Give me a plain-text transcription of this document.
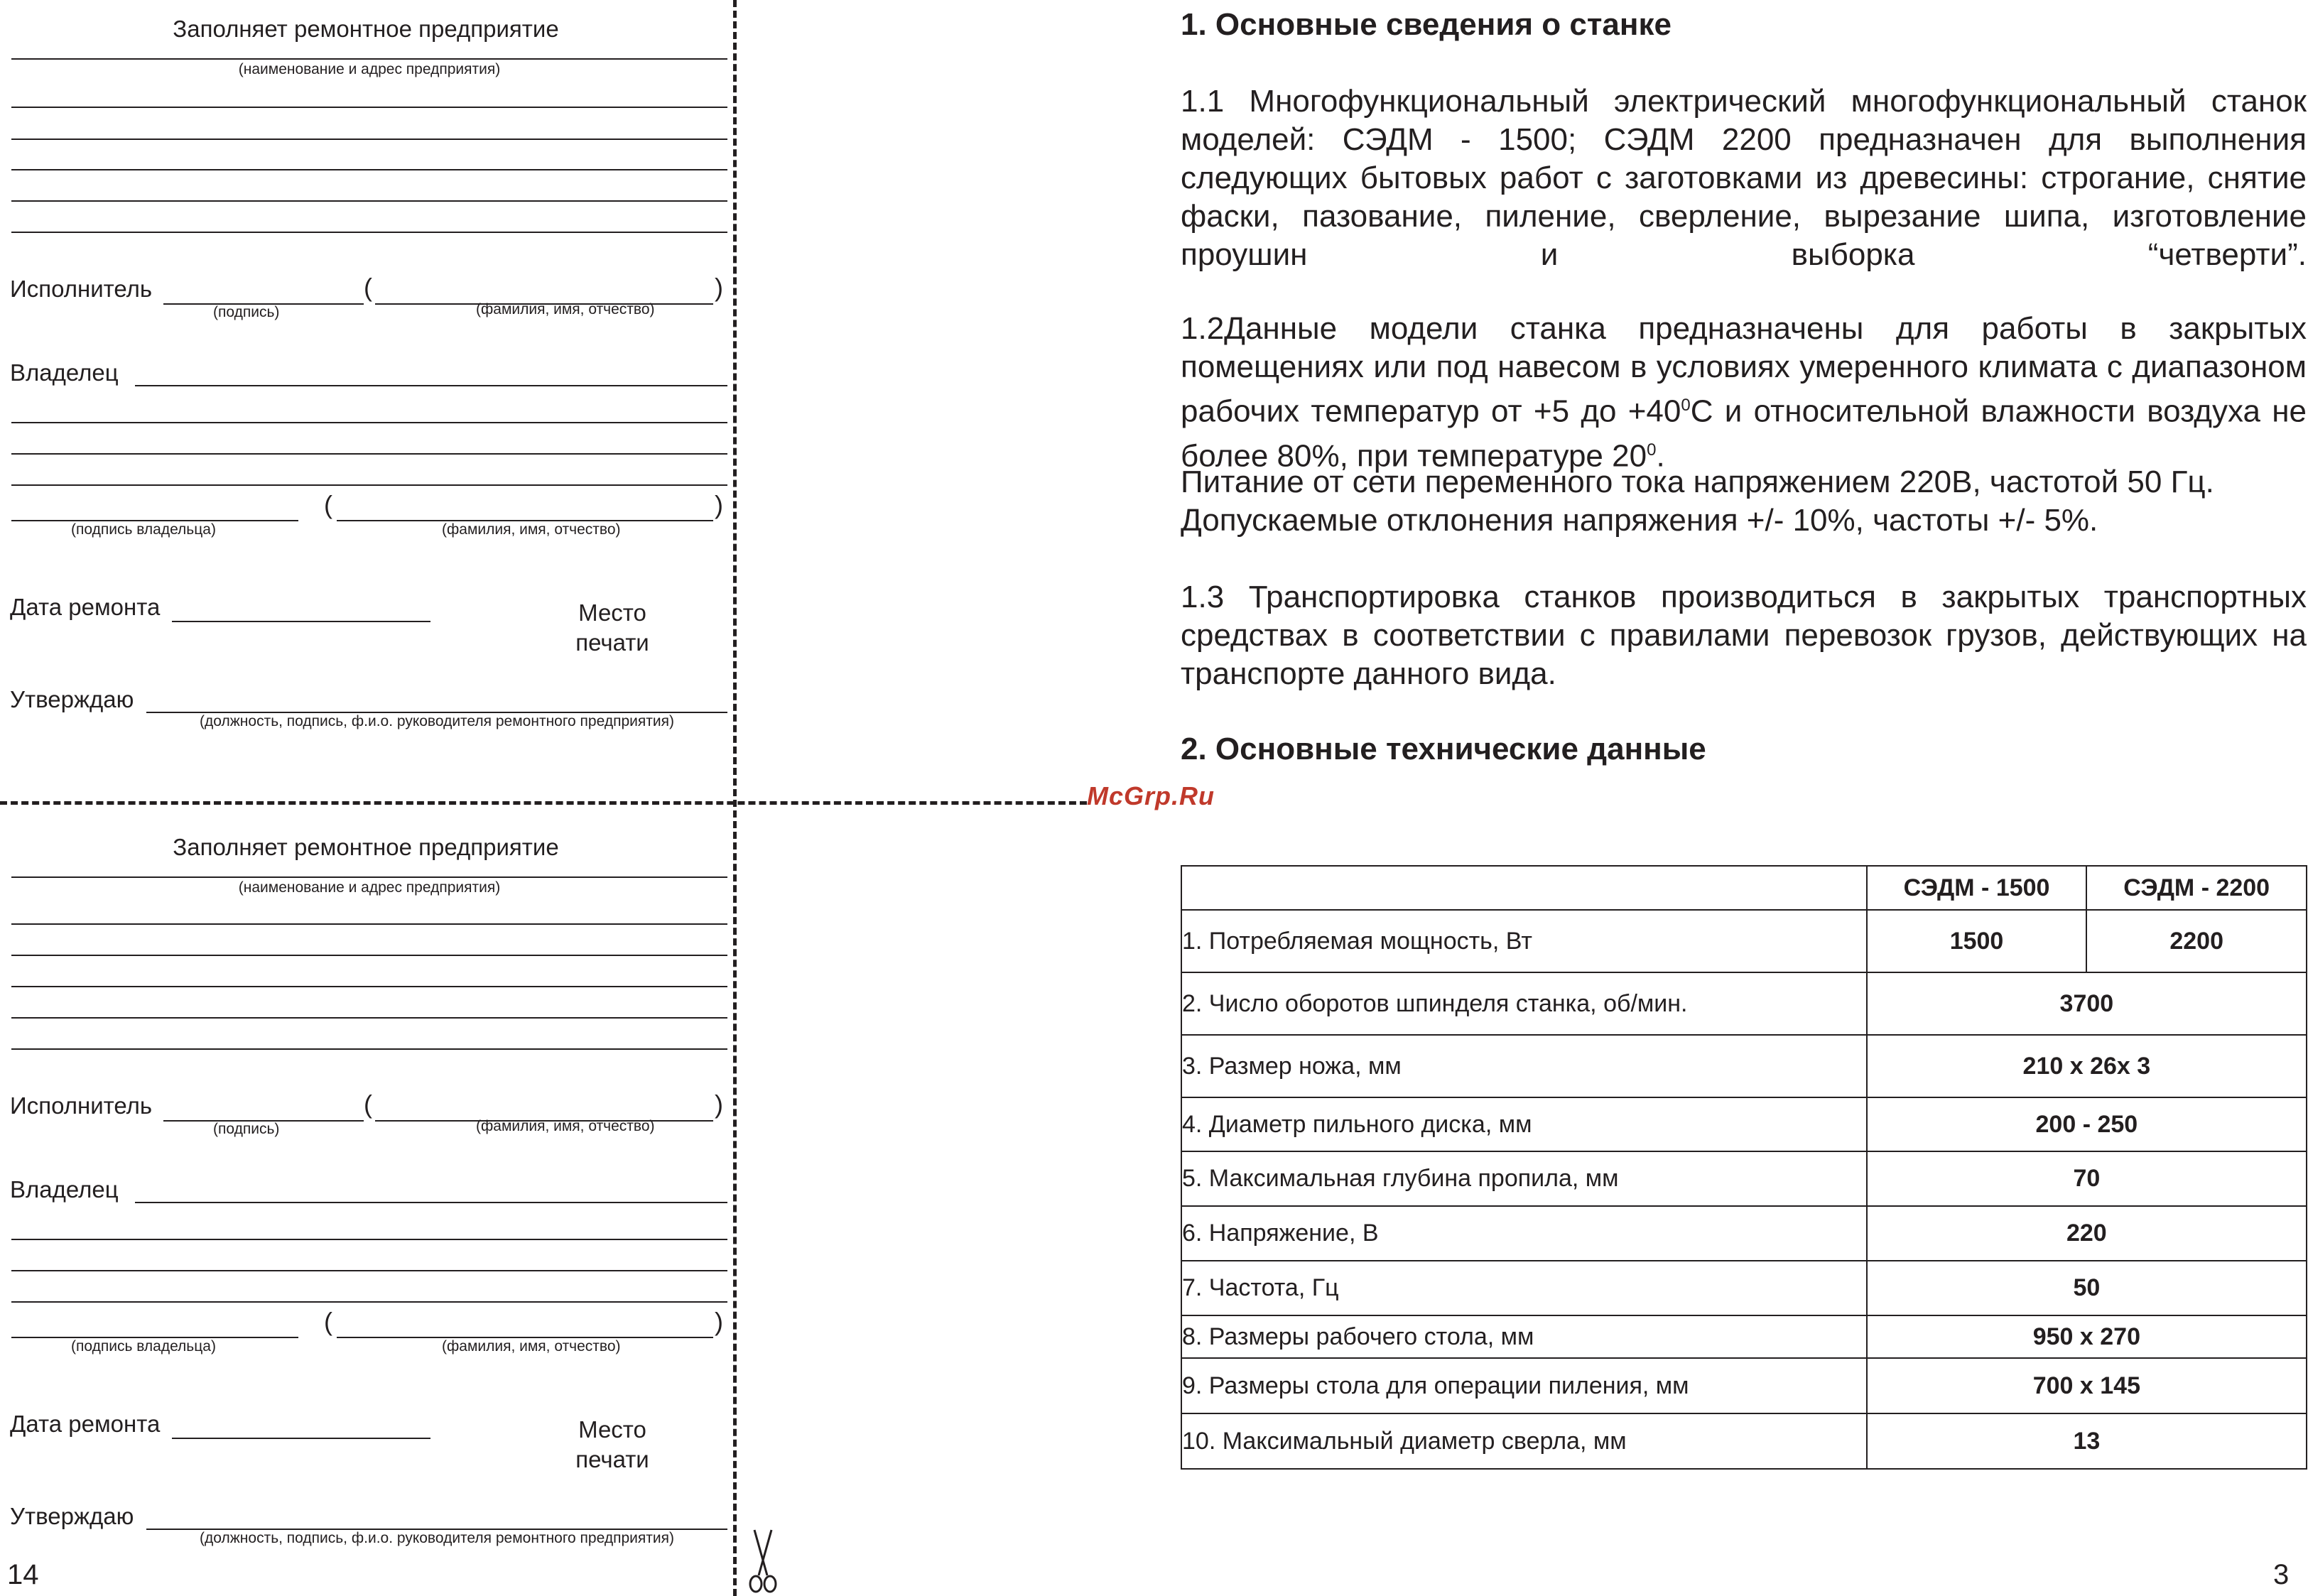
Заполняет ремонтное предприятие
(наименование и адрес предприятия)
Исполнитель	(	)
(подпись)	(фамилия, имя, отчество)
Владелец
(	)
(подпись владельца)	(фамилия, имя, отчество)
Дата ремонта	Место
печати
Утверждаю
(должность, подпись, ф.и.о. руководителя ремонтного предприятия)
Заполняет ремонтное предприятие
(наименование и адрес предприятия)
Исполнитель	(	)
(подпись)	(фамилия, имя, отчество)
Владелец
(	)
(подпись владельца)	(фамилия, имя, отчество)
Дата ремонта	Место
печати
Утверждаю
(должность, подпись, ф.и.о. руководителя ремонтного предприятия)
14	3
1. Основные сведения о станке
1.1 Многофункциональный электрический многофункциональный станок моделей: СЭДМ - 1500; СЭДМ 2200 предназначен для выполнения следующих бытовых работ с заготовками из древесины: строгание, снятие фаски, пазование, пиление, сверление, вырезание шипа, изготовление проушин и выборка “четверти”.
1.2Данные модели станка предназначены для работы в закрытых помещениях или под навесом в условиях умеренного климата с диапазоном рабочих температур от +5 до $+40^0С$ и относительной влажности воздуха не более 80%, при температуре $20^0$.
Питание от сети переменного тока напряжением 220В, частотой 50 Гц.
Допускаемые отклонения напряжения +/- 10%, частоты +/- 5%.
1.3 Транспортировка станков производиться в закрытых транспортных средствах в соответствии с правилами перевозок грузов, действующих на транспорте данного вида.
2. Основные технические данные
McGrp.Ru
	СЭДМ - 1500	СЭДМ - 2200
1. Потребляемая мощность, Вт	1500	2200
2. Число оборотов шпинделя станка, об/мин.	3700	
3. Размер ножа, мм	210 х 26х 3	
4. Диаметр пильного диска, мм	200 - 250	
5. Максимальная глубина пропила, мм	70	
6. Напряжение, В	220	
7. Частота, Гц	50	
8. Размеры рабочего стола, мм	950 х 270	
9. Размеры стола для операции пиления, мм	700 х 145	
10. Максимальный диаметр сверла, мм	13	
